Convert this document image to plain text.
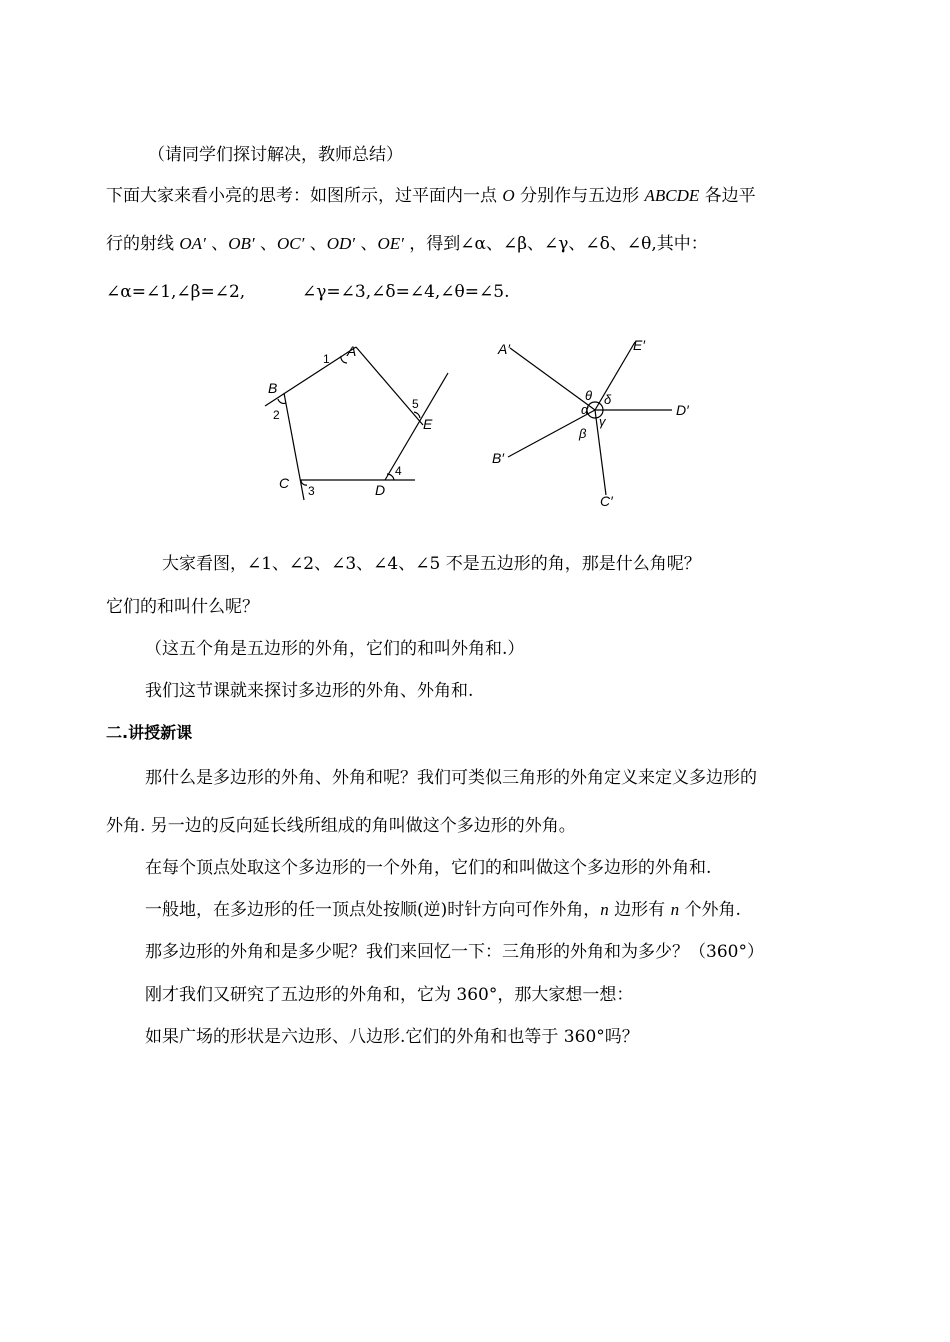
（请同学们探讨解决，教师总结）
下面大家来看小亮的思考：如图所示，过平面内一点 O 分别作与五边形 ABCDE 各边平
行的射线 OA′ 、OB′ 、OC′ 、OD′ 、OE′ ，得到∠α、∠β、∠γ、∠δ、∠θ,其中：
∠α=∠1,∠β=∠2,	∠γ=∠3,∠δ=∠4,∠θ=∠5.
A
B
C	D
E
1
2
3
4
5
A′
B′
C′
D′
E′
α
θ δ
γ
β
大家看图，∠1、∠2、∠3、∠4、∠5 不是五边形的角，那是什么角呢？
它们的和叫什么呢？
（这五个角是五边形的外角，它们的和叫外角和.）
我们这节课就来探讨多边形的外角、外角和.
二.讲授新课
那什么是多边形的外角、外角和呢？我们可类似三角形的外角定义来定义多边形的
外角. 另一边的反向延长线所组成的角叫做这个多边形的外角。
在每个顶点处取这个多边形的一个外角，它们的和叫做这个多边形的外角和.
一般地，在多边形的任一顶点处按顺(逆)时针方向可作外角，n 边形有 n 个外角.
那多边形的外角和是多少呢？我们来回忆一下：三角形的外角和为多少？（360°）
刚才我们又研究了五边形的外角和，它为 360°，那大家想一想：
如果广场的形状是六边形、八边形.它们的外角和也等于 360°吗？
